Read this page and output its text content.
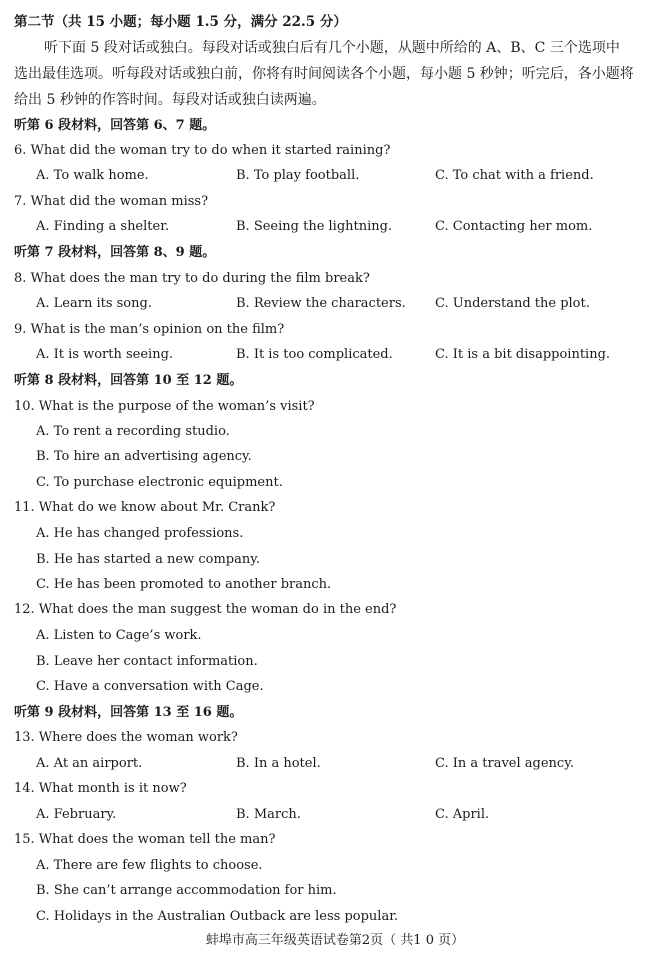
第二节（共 15 小题；每小题 1.5 分，满分 22.5 分）
听下面 5 段对话或独白。每段对话或独白后有几个小题，从题中所给的 A、B、C 三个选项中
选出最佳选项。听每段对话或独白前，你将有时间阅读各个小题，每小题 5 秒钟；听完后，各小题将
给出 5 秒钟的作答时间。每段对话或独白读两遍。
听第 6 段材料，回答第 6、7 题。
6. What did the woman try to do when it started raining?
A. To walk home.	B. To play football.	C. To chat with a friend.
7. What did the woman miss?
A. Finding a shelter.	B. Seeing the lightning.	C. Contacting her mom.
听第 7 段材料，回答第 8、9 题。
8. What does the man try to do during the film break?
A. Learn its song.	B. Review the characters. C. Understand the plot.
9. What is the man’s opinion on the film?
A. It is worth seeing.	B. It is too complicated.	C. It is a bit disappointing.
听第 8 段材料，回答第 10 至 12 题。
10. What is the purpose of the woman’s visit?
A. To rent a recording studio.
B. To hire an advertising agency.
C. To purchase electronic equipment.
11. What do we know about Mr. Crank?
A. He has changed professions.
B. He has started a new company.
C. He has been promoted to another branch.
12. What does the man suggest the woman do in the end?
A. Listen to Cage’s work.
B. Leave her contact information.
C. Have a conversation with Cage.
听第 9 段材料，回答第 13 至 16 题。
13. Where does the woman work?
A. At an airport.	B. In a hotel.	C. In a travel agency.
14. What month is it now?
A. February.	B. March.	C. April.
15. What does the woman tell the man?
A. There are few flights to choose.
B. She can’t arrange accommodation for him.
C. Holidays in the Australian Outback are less popular.
蚌埠市高三年级英语试卷第2页（ 共1 0 页）
